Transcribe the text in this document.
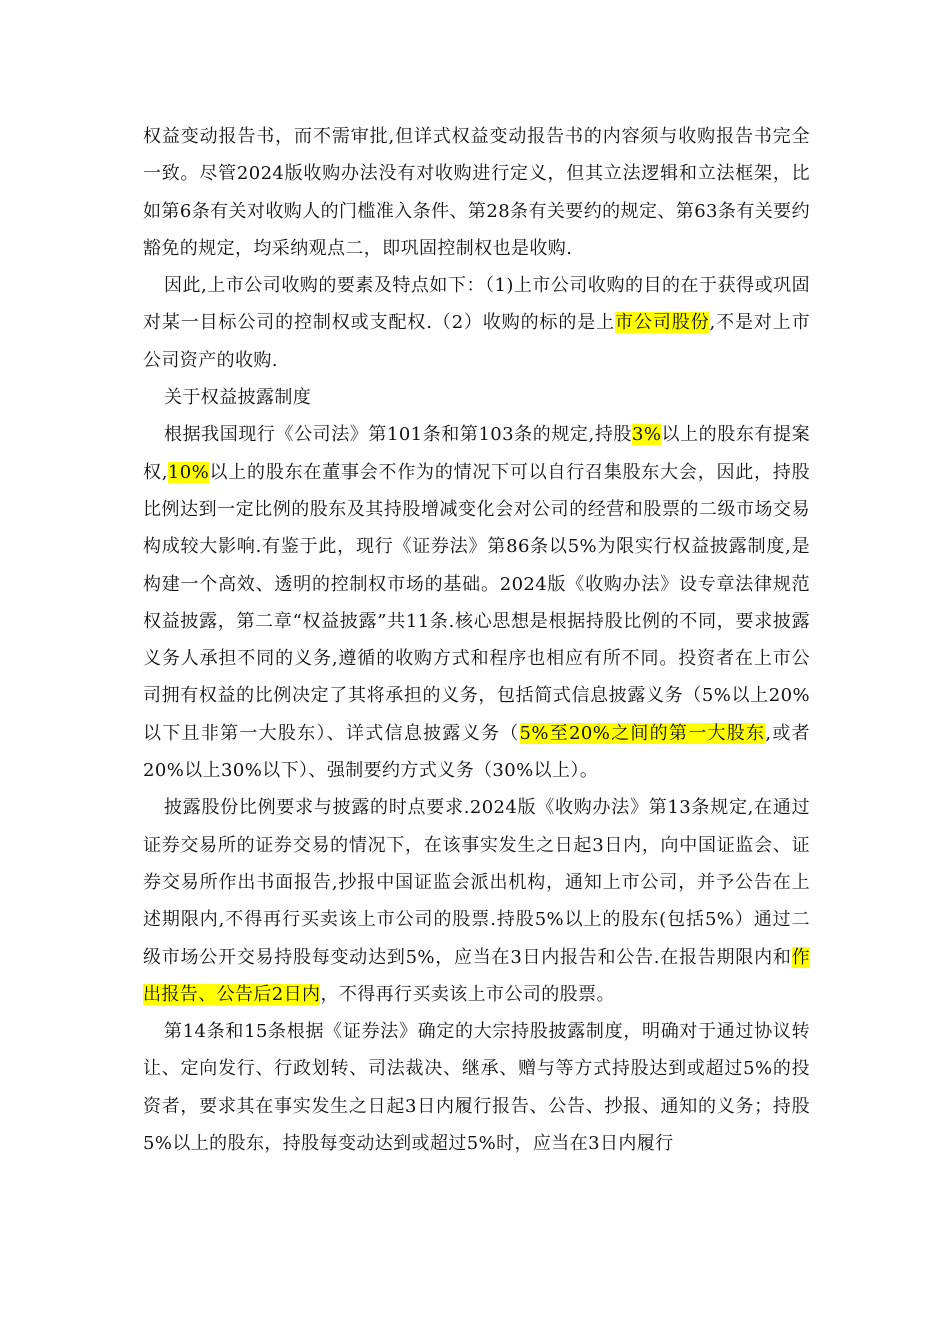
权益变动报告书，而不需审批,但详式权益变动报告书的内容须与收购报告书完全一致。尽管2024版收购办法没有对收购进行定义，但其立法逻辑和立法框架，比如第6条有关对收购人的门槛准入条件、第28条有关要约的规定、第63条有关要约豁免的规定，均采纳观点二，即巩固控制权也是收购.

因此,上市公司收购的要素及特点如下：（1)上市公司收购的目的在于获得或巩固对某一目标公司的控制权或支配权.（2）收购的标的是上市公司股份,不是对上市公司资产的收购.

关于权益披露制度

根据我国现行《公司法》第101条和第103条的规定,持股3%以上的股东有提案权,10%以上的股东在董事会不作为的情况下可以自行召集股东大会，因此，持股比例达到一定比例的股东及其持股增减变化会对公司的经营和股票的二级市场交易构成较大影响.有鉴于此，现行《证券法》第86条以5%为限实行权益披露制度,是构建一个高效、透明的控制权市场的基础。2024版《收购办法》设专章法律规范权益披露，第二章“权益披露”共11条.核心思想是根据持股比例的不同，要求披露义务人承担不同的义务,遵循的收购方式和程序也相应有所不同。投资者在上市公司拥有权益的比例决定了其将承担的义务，包括简式信息披露义务（5%以上20%以下且非第一大股东）、详式信息披露义务（5%至20%之间的第一大股东,或者20%以上30%以下）、强制要约方式义务（30%以上）。

披露股份比例要求与披露的时点要求.2024版《收购办法》第13条规定,在通过证券交易所的证券交易的情况下，在该事实发生之日起3日内，向中国证监会、证券交易所作出书面报告,抄报中国证监会派出机构，通知上市公司，并予公告在上述期限内,不得再行买卖该上市公司的股票.持股5%以上的股东(包括5%）通过二级市场公开交易持股每变动达到5%，应当在3日内报告和公告.在报告期限内和作出报告、公告后2日内，不得再行买卖该上市公司的股票。

第14条和15条根据《证券法》确定的大宗持股披露制度，明确对于通过协议转让、定向发行、行政划转、司法裁决、继承、赠与等方式持股达到或超过5%的投资者，要求其在事实发生之日起3日内履行报告、公告、抄报、通知的义务；持股5%以上的股东，持股每变动达到或超过5%时，应当在3日内履行
